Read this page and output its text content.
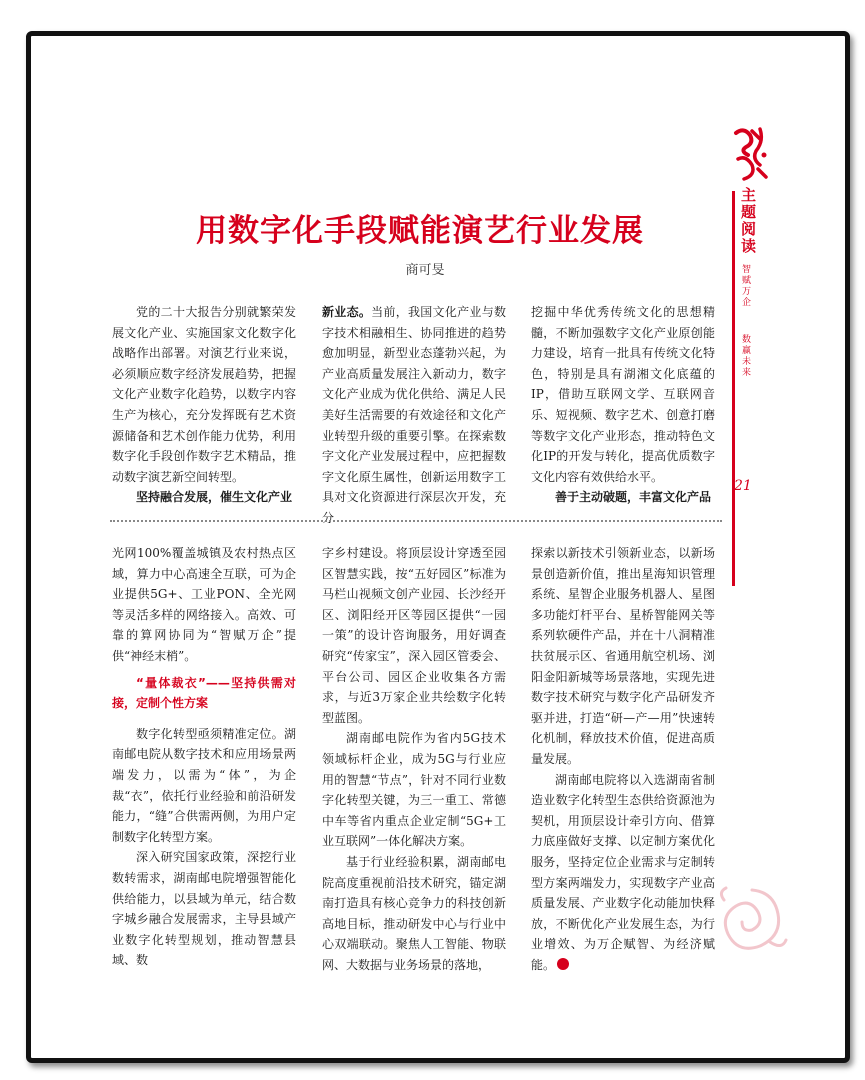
主题阅读
智赋万企
数赢未来
21
用数字化手段赋能演艺行业发展
商可旻

党的二十大报告分别就繁荣发展文化产业、实施国家文化数字化战略作出部署。对演艺行业来说，必须顺应数字经济发展趋势，把握文化产业数字化趋势，以数字内容生产为核心，充分发挥既有艺术资源储备和艺术创作能力优势，利用数字化手段创作数字艺术精品，推动数字演艺新空间转型。

坚持融合发展，催生文化产业

新业态。当前，我国文化产业与数字技术相融相生、协同推进的趋势愈加明显，新型业态蓬勃兴起，为产业高质量发展注入新动力，数字文化产业成为优化供给、满足人民美好生活需要的有效途径和文化产业转型升级的重要引擎。在探索数字文化产业发展过程中，应把握数字文化原生属性，创新运用数字工具对文化资源进行深层次开发，充分

挖掘中华优秀传统文化的思想精髓，不断加强数字文化产业原创能力建设，培育一批具有传统文化特色，特别是具有湖湘文化底蕴的IP，借助互联网文学、互联网音乐、短视频、数字艺术、创意打磨等数字文化产业形态，推动特色文化IP的开发与转化，提高优质数字文化内容有效供给水平。

善于主动破题，丰富文化产品

光网100%覆盖城镇及农村热点区域，算力中心高速全互联，可为企业提供5G+、工业PON、全光网等灵活多样的网络接入。高效、可靠的算网协同为“智赋万企”提供“神经末梢”。

“量体裁衣”——坚持供需对接，定制个性方案

数字化转型亟须精准定位。湖南邮电院从数字技术和应用场景两端发力，以需为“体”，为企裁“衣”，依托行业经验和前沿研发能力，“缝”合供需两侧，为用户定制数字化转型方案。

深入研究国家政策，深挖行业数转需求，湖南邮电院增强智能化供给能力，以县域为单元，结合数字城乡融合发展需求，主导县域产业数字化转型规划，推动智慧县域、数

字乡村建设。将顶层设计穿透至园区智慧实践，按“五好园区”标准为马栏山视频文创产业园、长沙经开区、浏阳经开区等园区提供“一园一策”的设计咨询服务，用好调查研究“传家宝”，深入园区管委会、平台公司、园区企业收集各方需求，与近3万家企业共绘数字化转型蓝图。

湖南邮电院作为省内5G技术领域标杆企业，成为5G与行业应用的智慧“节点”，针对不同行业数字化转型关键，为三一重工、常德中车等省内重点企业定制“5G+工业互联网”一体化解决方案。

基于行业经验积累，湖南邮电院高度重视前沿技术研究，锚定湖南打造具有核心竞争力的科技创新高地目标，推动研发中心与行业中心双端联动。聚焦人工智能、物联网、大数据与业务场景的落地，

探索以新技术引领新业态，以新场景创造新价值，推出星海知识管理系统、星智企业服务机器人、星图多功能灯杆平台、星桥智能网关等系列软硬件产品，并在十八洞精准扶贫展示区、省通用航空机场、浏阳金阳新城等场景落地，实现先进数字技术研究与数字化产品研发齐驱并进，打造“研—产—用”快速转化机制，释放技术价值，促进高质量发展。

湖南邮电院将以入选湖南省制造业数字化转型生态供给资源池为契机，用顶层设计牵引方向、借算力底座做好支撑、以定制方案优化服务，坚持定位企业需求与定制转型方案两端发力，实现数字产业高质量发展、产业数字化动能加快释放，不断优化产业发展生态，为行业增效、为万企赋智、为经济赋能。
